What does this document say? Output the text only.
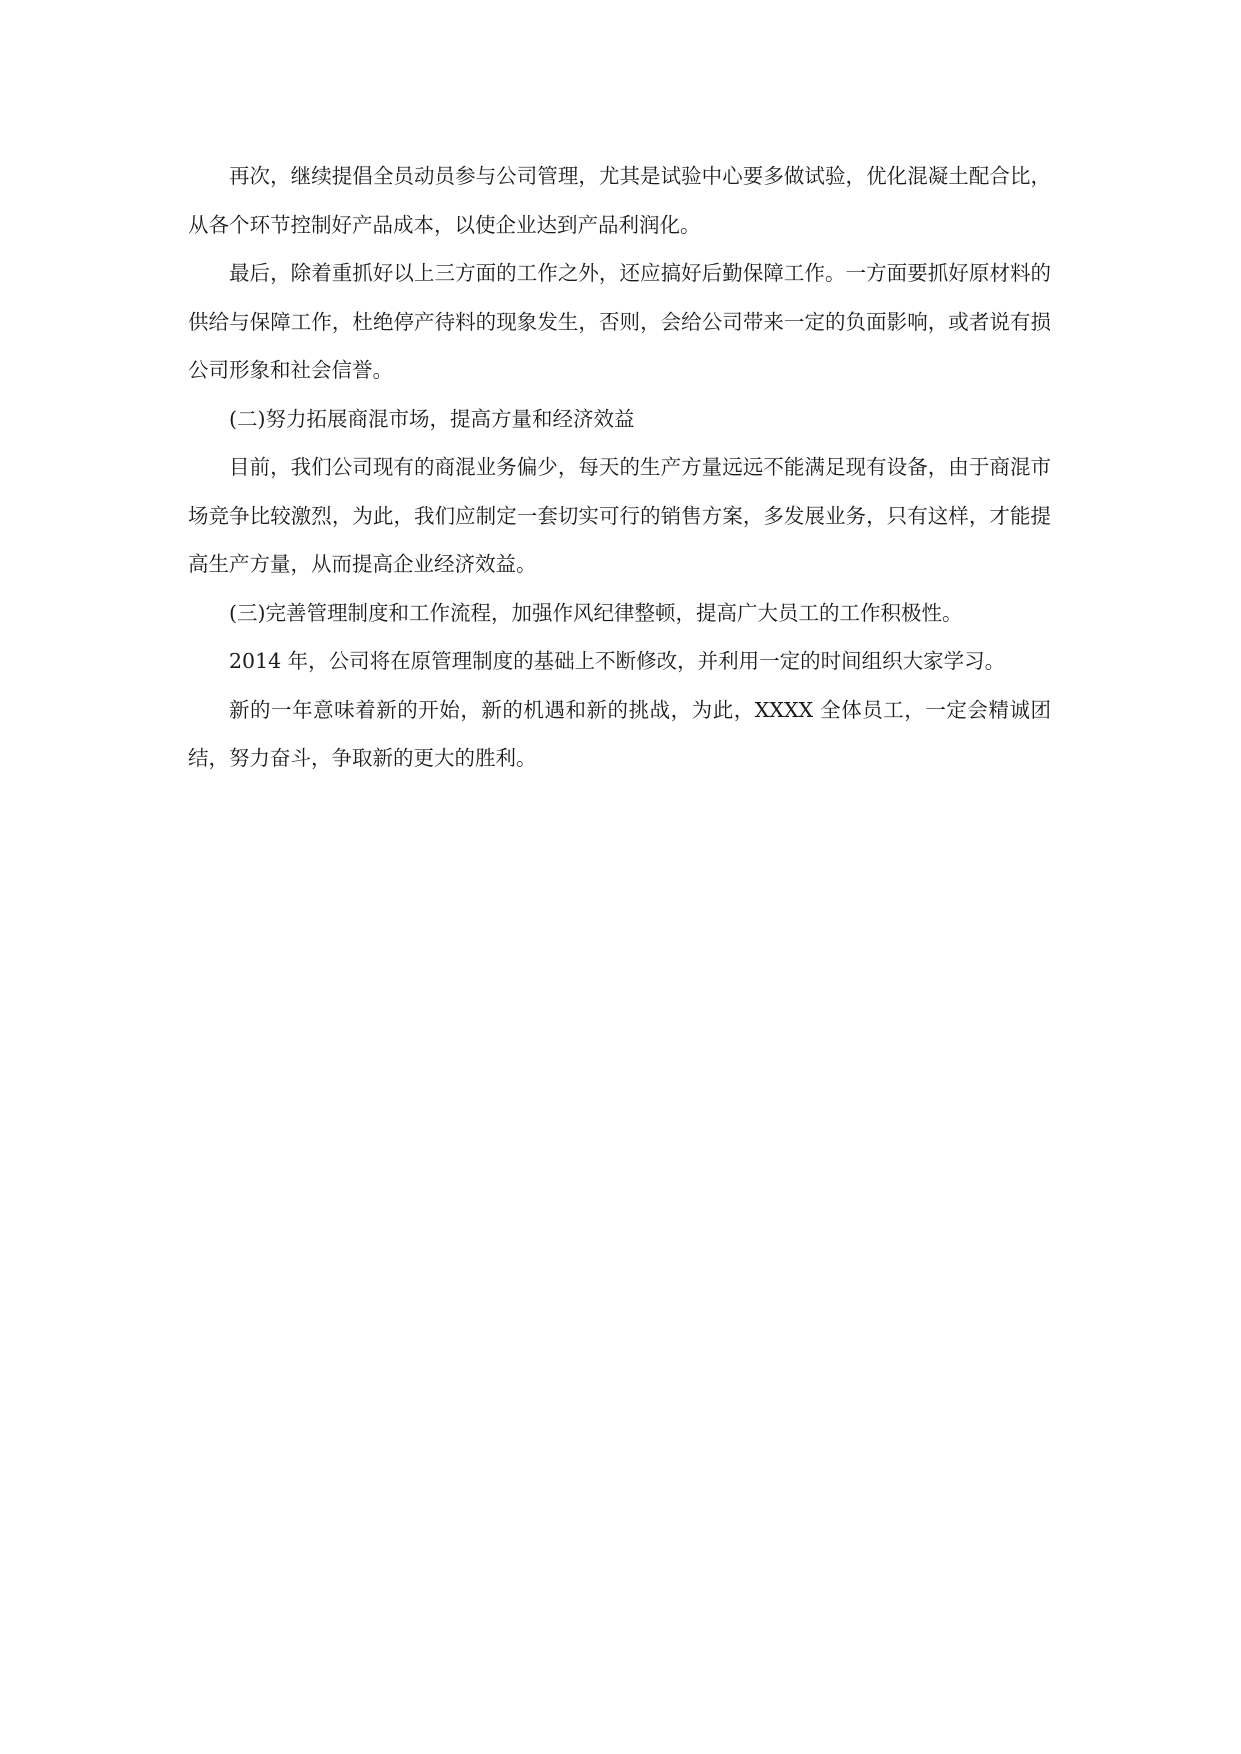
再次，继续提倡全员动员参与公司管理，尤其是试验中心要多做试验，优化混凝土配合比，从各个环节控制好产品成本，以使企业达到产品利润化。

最后，除着重抓好以上三方面的工作之外，还应搞好后勤保障工作。一方面要抓好原材料的供给与保障工作，杜绝停产待料的现象发生，否则，会给公司带来一定的负面影响，或者说有损公司形象和社会信誉。

(二)努力拓展商混市场，提高方量和经济效益

目前，我们公司现有的商混业务偏少，每天的生产方量远远不能满足现有设备，由于商混市场竞争比较激烈，为此，我们应制定一套切实可行的销售方案，多发展业务，只有这样，才能提高生产方量，从而提高企业经济效益。

(三)完善管理制度和工作流程，加强作风纪律整顿，提高广大员工的工作积极性。

2014 年，公司将在原管理制度的基础上不断修改，并利用一定的时间组织大家学习。

新的一年意味着新的开始，新的机遇和新的挑战，为此，XXXX 全体员工，一定会精诚团结，努力奋斗，争取新的更大的胜利。
